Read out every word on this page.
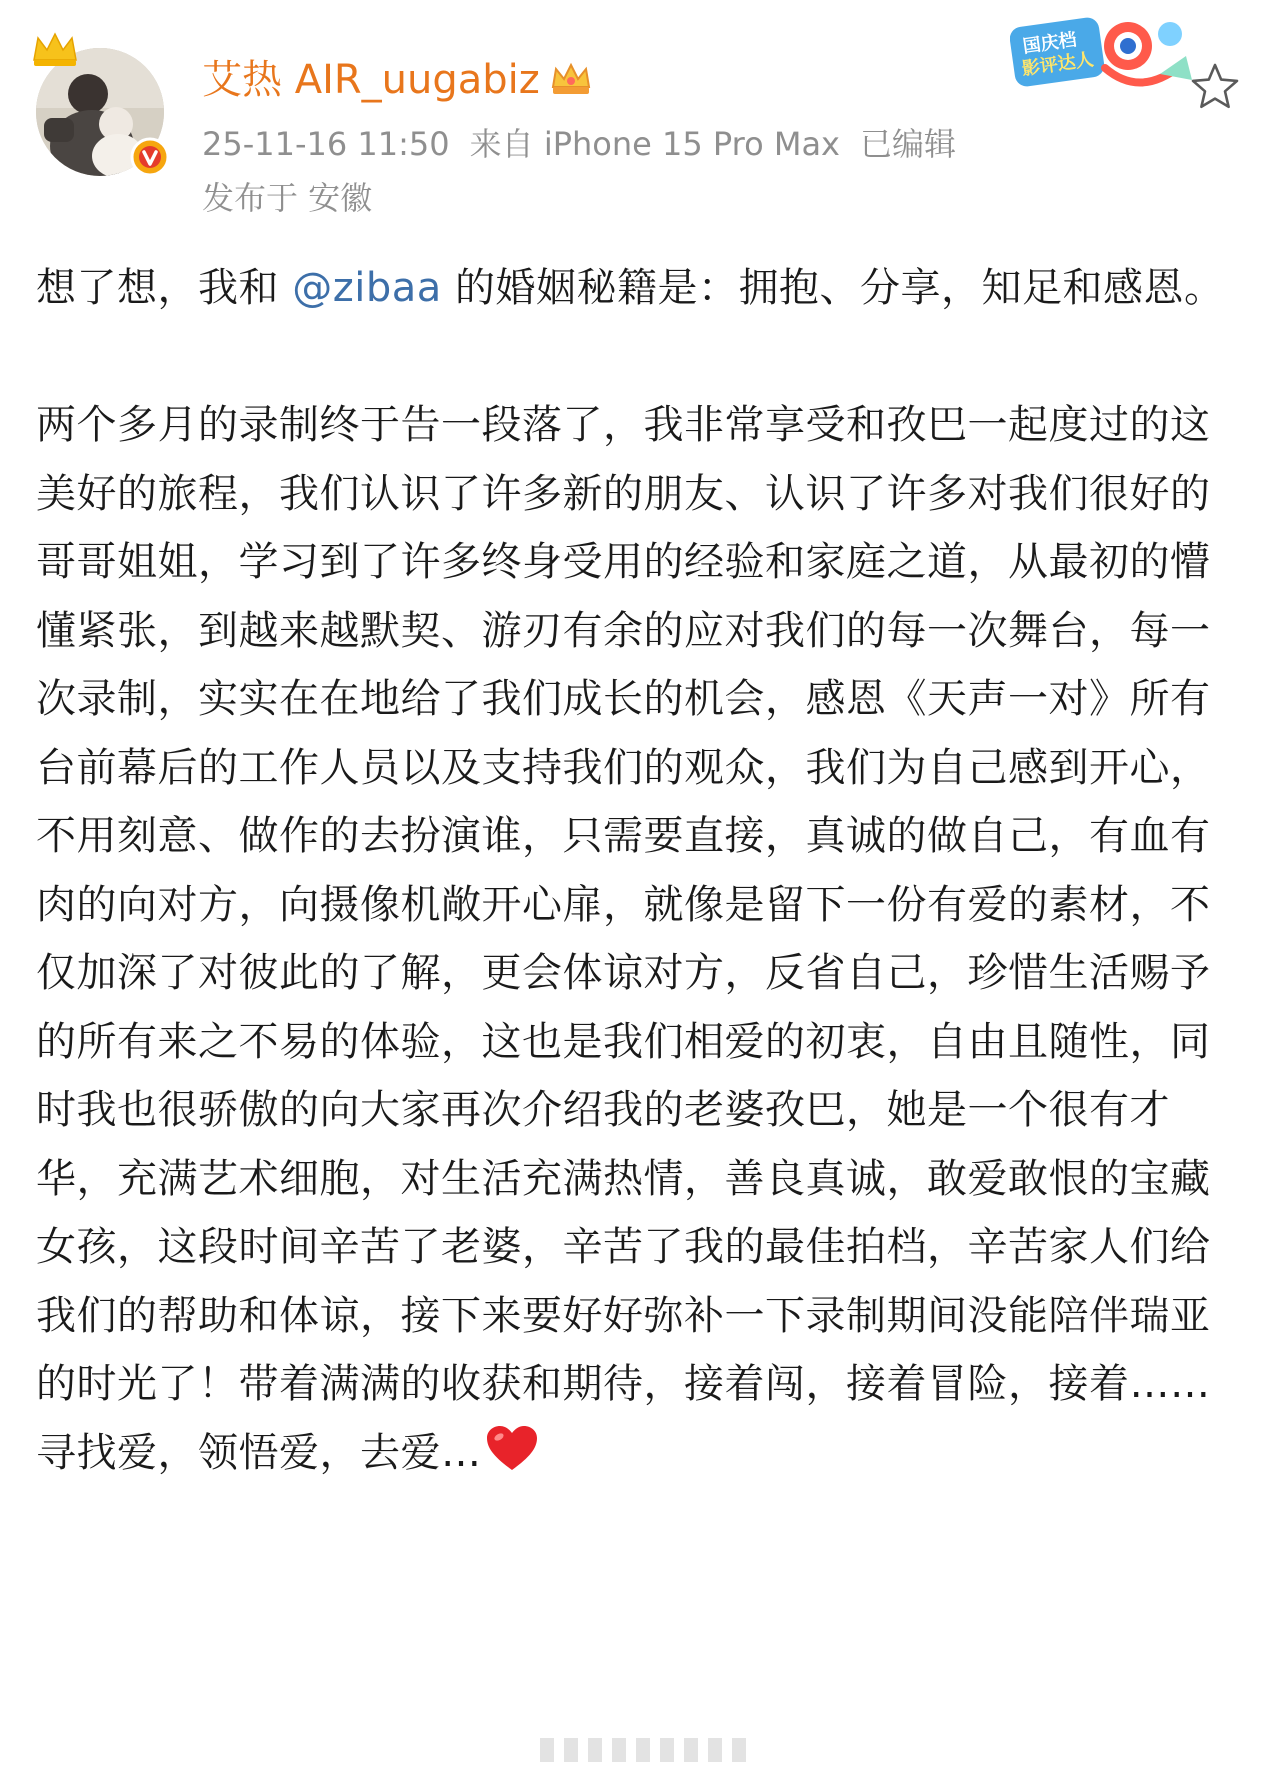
艾热 AIR_uugabiz
25-11-16 11:50 来自 iPhone 15 Pro Max 已编辑
发布于 安徽
国庆档
影评达人

想了想，我和 @zibaa 的婚姻秘籍是：拥抱、分享，知足和感恩。

两个多月的录制终于告一段落了，我非常享受和孜巴一起度过的这美好的旅程，我们认识了许多新的朋友、认识了许多对我们很好的哥哥姐姐，学习到了许多终身受用的经验和家庭之道，从最初的懵懂紧张，到越来越默契、游刃有余的应对我们的每一次舞台，每一次录制，实实在在地给了我们成长的机会，感恩《天声一对》所有台前幕后的工作人员以及支持我们的观众，我们为自己感到开心，不用刻意、做作的去扮演谁，只需要直接，真诚的做自己，有血有肉的向对方，向摄像机敞开心扉，就像是留下一份有爱的素材，不仅加深了对彼此的了解，更会体谅对方，反省自己，珍惜生活赐予的所有来之不易的体验，这也是我们相爱的初衷，自由且随性，同时我也很骄傲的向大家再次介绍我的老婆孜巴，她是一个很有才华，充满艺术细胞，对生活充满热情，善良真诚，敢爱敢恨的宝藏女孩，这段时间辛苦了老婆，辛苦了我的最佳拍档，辛苦家人们给我们的帮助和体谅，接下来要好好弥补一下录制期间没能陪伴瑞亚的时光了！带着满满的收获和期待，接着闯，接着冒险，接着……寻找爱，领悟爱，去爱…
